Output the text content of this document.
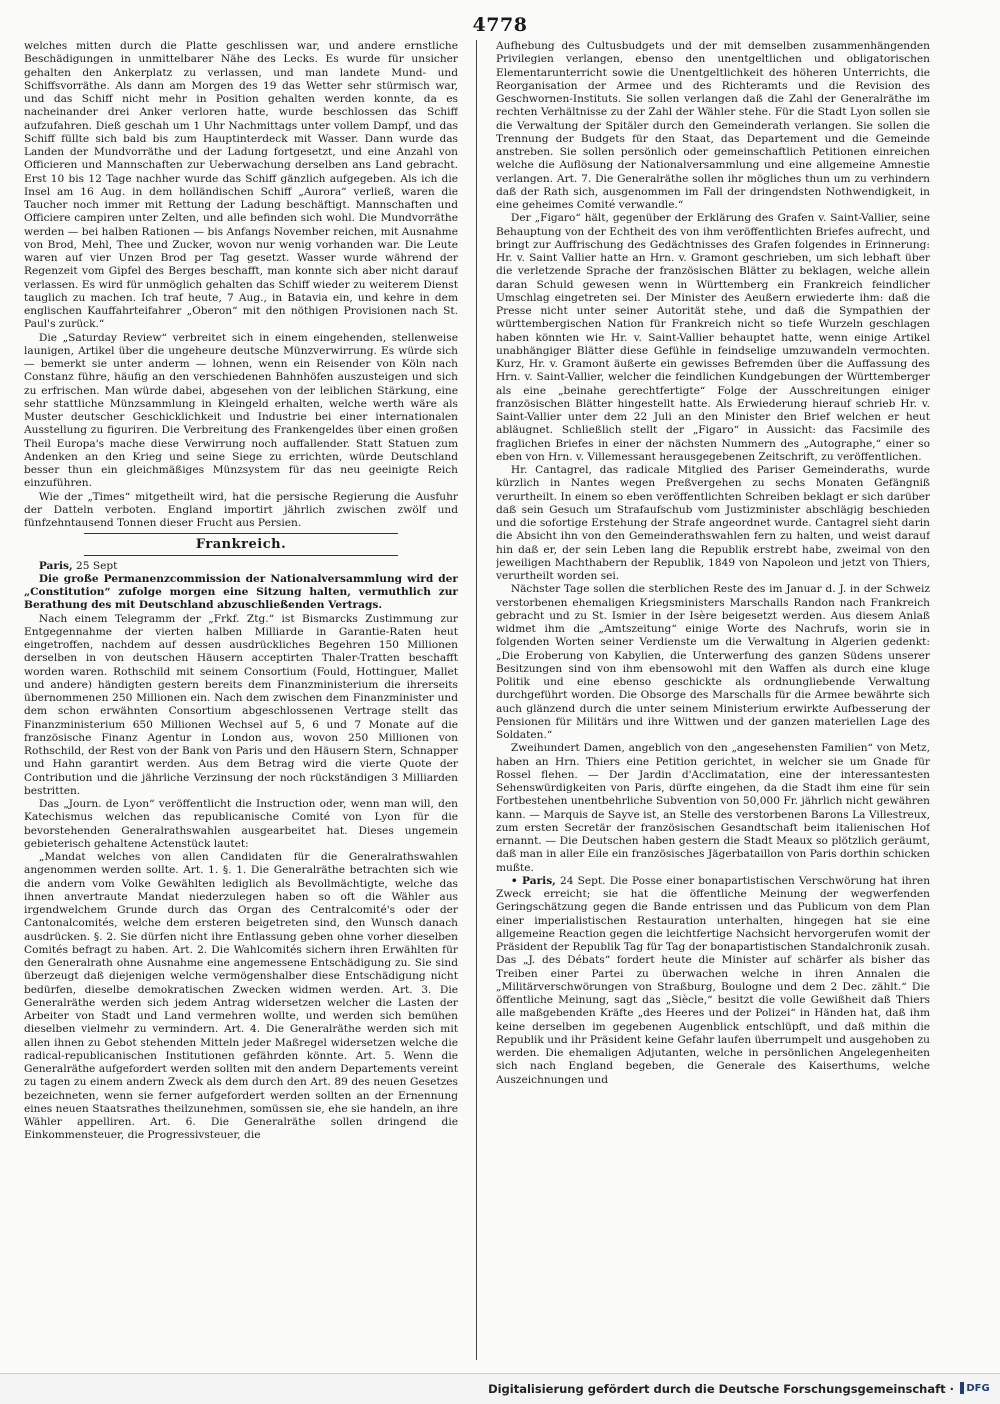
4778

welches mitten durch die Platte geschlissen war, und andere ernstliche Beschädigungen in unmittelbarer Nähe des Lecks. Es wurde für unsicher gehalten den Ankerplatz zu verlassen, und man landete Mund- und Schiffsvorräthe. Als dann am Morgen des 19 das Wetter sehr stürmisch war, und das Schiff nicht mehr in Position gehalten werden konnte, da es nacheinander drei Anker verloren hatte, wurde beschlossen das Schiff aufzufahren. Dieß geschah um 1 Uhr Nachmittags unter vollem Dampf, und das Schiff füllte sich bald bis zum Hauptinterdeck mit Wasser. Dann wurde das Landen der Mundvorräthe und der Ladung fortgesetzt, und eine Anzahl von Officieren und Mannschaften zur Ueberwachung derselben ans Land gebracht. Erst 10 bis 12 Tage nachher wurde das Schiff gänzlich aufgegeben. Als ich die Insel am 16 Aug. in dem holländischen Schiff „Aurora“ verließ, waren die Taucher noch immer mit Rettung der Ladung beschäftigt. Mannschaften und Officiere campiren unter Zelten, und alle befinden sich wohl. Die Mundvorräthe werden — bei halben Rationen — bis Anfangs November reichen, mit Ausnahme von Brod, Mehl, Thee und Zucker, wovon nur wenig vorhanden war. Die Leute waren auf vier Unzen Brod per Tag gesetzt. Wasser wurde während der Regenzeit vom Gipfel des Berges beschafft, man konnte sich aber nicht darauf verlassen. Es wird für unmöglich gehalten das Schiff wieder zu weiterem Dienst tauglich zu machen. Ich traf heute, 7 Aug., in Batavia ein, und kehre in dem englischen Kauffahrteifahrer „Oberon“ mit den nöthigen Provisionen nach St. Paul's zurück.“

Die „Saturday Review“ verbreitet sich in einem eingehenden, stellenweise launigen, Artikel über die ungeheure deutsche Münzverwirrung. Es würde sich — bemerkt sie unter anderm — lohnen, wenn ein Reisender von Köln nach Constanz führe, häufig an den verschiedenen Bahnhöfen auszusteigen und sich zu erfrischen. Man würde dabei, abgesehen von der leiblichen Stärkung, eine sehr stattliche Münzsammlung in Kleingeld erhalten, welche werth wäre als Muster deutscher Geschicklichkeit und Industrie bei einer internationalen Ausstellung zu figuriren. Die Verbreitung des Frankengeldes über einen großen Theil Europa's mache diese Verwirrung noch auffallender. Statt Statuen zum Andenken an den Krieg und seine Siege zu errichten, würde Deutschland besser thun ein gleichmäßiges Münzsystem für das neu geeinigte Reich einzuführen.

Wie der „Times“ mitgetheilt wird, hat die persische Regierung die Ausfuhr der Datteln verboten. England importirt jährlich zwischen zwölf und fünfzehntausend Tonnen dieser Frucht aus Persien.

Frankreich.

Paris, 25 Sept

Die große Permanenzcommission der Nationalversammlung wird der „Constitution“ zufolge morgen eine Sitzung halten, vermuthlich zur Berathung des mit Deutschland abzuschließenden Vertrags.

Nach einem Telegramm der „Frkf. Ztg.“ ist Bismarcks Zustimmung zur Entgegennahme der vierten halben Milliarde in Garantie-Raten heut eingetroffen, nachdem auf dessen ausdrückliches Begehren 150 Millionen derselben in von deutschen Häusern acceptirten Thaler-Tratten beschafft worden waren. Rothschild mit seinem Consortium (Fould, Hottinguer, Mallet und andere) händigten gestern bereits dem Finanzministerium die ihrerseits übernommenen 250 Millionen ein. Nach dem zwischen dem Finanzminister und dem schon erwähnten Consortium abgeschlossenen Vertrage stellt das Finanzministerium 650 Millionen Wechsel auf 5, 6 und 7 Monate auf die französische Finanz Agentur in London aus, wovon 250 Millionen von Rothschild, der Rest von der Bank von Paris und den Häusern Stern, Schnapper und Hahn garantirt werden. Aus dem Betrag wird die vierte Quote der Contribution und die jährliche Verzinsung der noch rückständigen 3 Milliarden bestritten.

Das „Journ. de Lyon“ veröffentlicht die Instruction oder, wenn man will, den Katechismus welchen das republicanische Comité von Lyon für die bevorstehenden Generalrathswahlen ausgearbeitet hat. Dieses ungemein gebieterisch gehaltene Actenstück lautet:

„Mandat welches von allen Candidaten für die Generalrathswahlen angenommen werden sollte. Art. 1. §. 1. Die Generalräthe betrachten sich wie die andern vom Volke Gewählten lediglich als Bevollmächtigte, welche das ihnen anvertraute Mandat niederzulegen haben so oft die Wähler aus irgendwelchem Grunde durch das Organ des Centralcomité's oder der Cantonalcomités, welche dem ersteren beigetreten sind, den Wunsch danach ausdrücken. §. 2. Sie dürfen nicht ihre Entlassung geben ohne vorher dieselben Comités befragt zu haben. Art. 2. Die Wahlcomités sichern ihren Erwählten für den Generalrath ohne Ausnahme eine angemessene Entschädigung zu. Sie sind überzeugt daß diejenigen welche vermögenshalber diese Entschädigung nicht bedürfen, dieselbe demokratischen Zwecken widmen werden. Art. 3. Die Generalräthe werden sich jedem Antrag widersetzen welcher die Lasten der Arbeiter von Stadt und Land vermehren wollte, und werden sich bemühen dieselben vielmehr zu vermindern. Art. 4. Die Generalräthe werden sich mit allen ihnen zu Gebot stehenden Mitteln jeder Maßregel widersetzen welche die radical-republicanischen Institutionen gefährden könnte. Art. 5. Wenn die Generalräthe aufgefordert werden sollten mit den andern Departements vereint zu tagen zu einem andern Zweck als dem durch den Art. 89 des neuen Gesetzes bezeichneten, wenn sie ferner aufgefordert werden sollten an der Ernennung eines neuen Staatsrathes theilzunehmen, somüssen sie, ehe sie handeln, an ihre Wähler appelliren. Art. 6. Die Generalräthe sollen dringend die Einkommensteuer, die Progressivsteuer, die

Aufhebung des Cultusbudgets und der mit demselben zusammenhängenden Privilegien verlangen, ebenso den unentgeltlichen und obligatorischen Elementarunterricht sowie die Unentgeltlichkeit des höheren Unterrichts, die Reorganisation der Armee und des Richteramts und die Revision des Geschwornen-Instituts. Sie sollen verlangen daß die Zahl der Generalräthe im rechten Verhältnisse zu der Zahl der Wähler stehe. Für die Stadt Lyon sollen sie die Verwaltung der Spitäler durch den Gemeinderath verlangen. Sie sollen die Trennung der Budgets für den Staat, das Departement und die Gemeinde anstreben. Sie sollen persönlich oder gemeinschaftlich Petitionen einreichen welche die Auflösung der Nationalversammlung und eine allgemeine Amnestie verlangen. Art. 7. Die Generalräthe sollen ihr mögliches thun um zu verhindern daß der Rath sich, ausgenommen im Fall der dringendsten Nothwendigkeit, in eine geheimes Comité verwandle.“

Der „Figaro“ hält, gegenüber der Erklärung des Grafen v. Saint-Vallier, seine Behauptung von der Echtheit des von ihm veröffentlichten Briefes aufrecht, und bringt zur Auffrischung des Gedächtnisses des Grafen folgendes in Erinnerung: Hr. v. Saint Vallier hatte an Hrn. v. Gramont geschrieben, um sich lebhaft über die verletzende Sprache der französischen Blätter zu beklagen, welche allein daran Schuld gewesen wenn in Württemberg ein Frankreich feindlicher Umschlag eingetreten sei. Der Minister des Aeußern erwiederte ihm: daß die Presse nicht unter seiner Autorität stehe, und daß die Sympathien der württembergischen Nation für Frankreich nicht so tiefe Wurzeln geschlagen haben könnten wie Hr. v. Saint-Vallier behauptet hatte, wenn einige Artikel unabhängiger Blätter diese Gefühle in feindselige umzuwandeln vermochten. Kurz, Hr. v. Gramont äußerte ein gewisses Befremden über die Auffassung des Hrn. v. Saint-Vallier, welcher die feindlichen Kundgebungen der Württemberger als eine „beinahe gerechtfertigte“ Folge der Ausschreitungen einiger französischen Blätter hingestellt hatte. Als Erwiederung hierauf schrieb Hr. v. Saint-Vallier unter dem 22 Juli an den Minister den Brief welchen er heut abläugnet. Schließlich stellt der „Figaro“ in Aussicht: das Facsimile des fraglichen Briefes in einer der nächsten Nummern des „Autographe,“ einer so eben von Hrn. v. Villemessant herausgegebenen Zeitschrift, zu veröffentlichen.

Hr. Cantagrel, das radicale Mitglied des Pariser Gemeinderaths, wurde kürzlich in Nantes wegen Preßvergehen zu sechs Monaten Gefängniß verurtheilt. In einem so eben veröffentlichten Schreiben beklagt er sich darüber daß sein Gesuch um Strafaufschub vom Justizminister abschlägig beschieden und die sofortige Erstehung der Strafe angeordnet wurde. Cantagrel sieht darin die Absicht ihn von den Gemeinderathswahlen fern zu halten, und weist darauf hin daß er, der sein Leben lang die Republik erstrebt habe, zweimal von den jeweiligen Machthabern der Republik, 1849 von Napoleon und jetzt von Thiers, verurtheilt worden sei.

Nächster Tage sollen die sterblichen Reste des im Januar d. J. in der Schweiz verstorbenen ehemaligen Kriegsministers Marschalls Randon nach Frankreich gebracht und zu St. Ismier in der Isère beigesetzt werden. Aus diesem Anlaß widmet ihm die „Amtszeitung“ einige Worte des Nachrufs, worin sie in folgenden Worten seiner Verdienste um die Verwaltung in Algerien gedenkt: „Die Eroberung von Kabylien, die Unterwerfung des ganzen Südens unserer Besitzungen sind von ihm ebensowohl mit den Waffen als durch eine kluge Politik und eine ebenso geschickte als ordnungliebende Verwaltung durchgeführt worden. Die Obsorge des Marschalls für die Armee bewährte sich auch glänzend durch die unter seinem Ministerium erwirkte Aufbesserung der Pensionen für Militärs und ihre Wittwen und der ganzen materiellen Lage des Soldaten.“

Zweihundert Damen, angeblich von den „angesehensten Familien“ von Metz, haben an Hrn. Thiers eine Petition gerichtet, in welcher sie um Gnade für Rossel flehen. — Der Jardin d'Acclimatation, eine der interessantesten Sehenswürdigkeiten von Paris, dürfte eingehen, da die Stadt ihm eine für sein Fortbestehen unentbehrliche Subvention von 50,000 Fr. jährlich nicht gewähren kann. — Marquis de Sayve ist, an Stelle des verstorbenen Barons La Villestreux, zum ersten Secretär der französischen Gesandtschaft beim italienischen Hof ernannt. — Die Deutschen haben gestern die Stadt Meaux so plötzlich geräumt, daß man in aller Eile ein französisches Jägerbataillon von Paris dorthin schicken mußte.

• Paris, 24 Sept. Die Posse einer bonapartistischen Verschwörung hat ihren Zweck erreicht; sie hat die öffentliche Meinung der wegwerfenden Geringschätzung gegen die Bande entrissen und das Publicum von dem Plan einer imperialistischen Restauration unterhalten, hingegen hat sie eine allgemeine Reaction gegen die leichtfertige Nachsicht hervorgerufen womit der Präsident der Republik Tag für Tag der bonapartistischen Standalchronik zusah. Das „J. des Débats“ fordert heute die Minister auf schärfer als bisher das Treiben einer Partei zu überwachen welche in ihren Annalen die „Militärverschwörungen von Straßburg, Boulogne und dem 2 Dec. zählt.“ Die öffentliche Meinung, sagt das „Siècle,“ besitzt die volle Gewißheit daß Thiers alle maßgebenden Kräfte „des Heeres und der Polizei“ in Händen hat, daß ihm keine derselben im gegebenen Augenblick entschlüpft, und daß mithin die Republik und ihr Präsident keine Gefahr laufen überrumpelt und ausgehoben zu werden. Die ehemaligen Adjutanten, welche in persönlichen Angelegenheiten sich nach England begeben, die Generale des Kaiserthums, welche Auszeichnungen und

Digitalisierung gefördert durch die Deutsche Forschungsgemeinschaft · DFG
